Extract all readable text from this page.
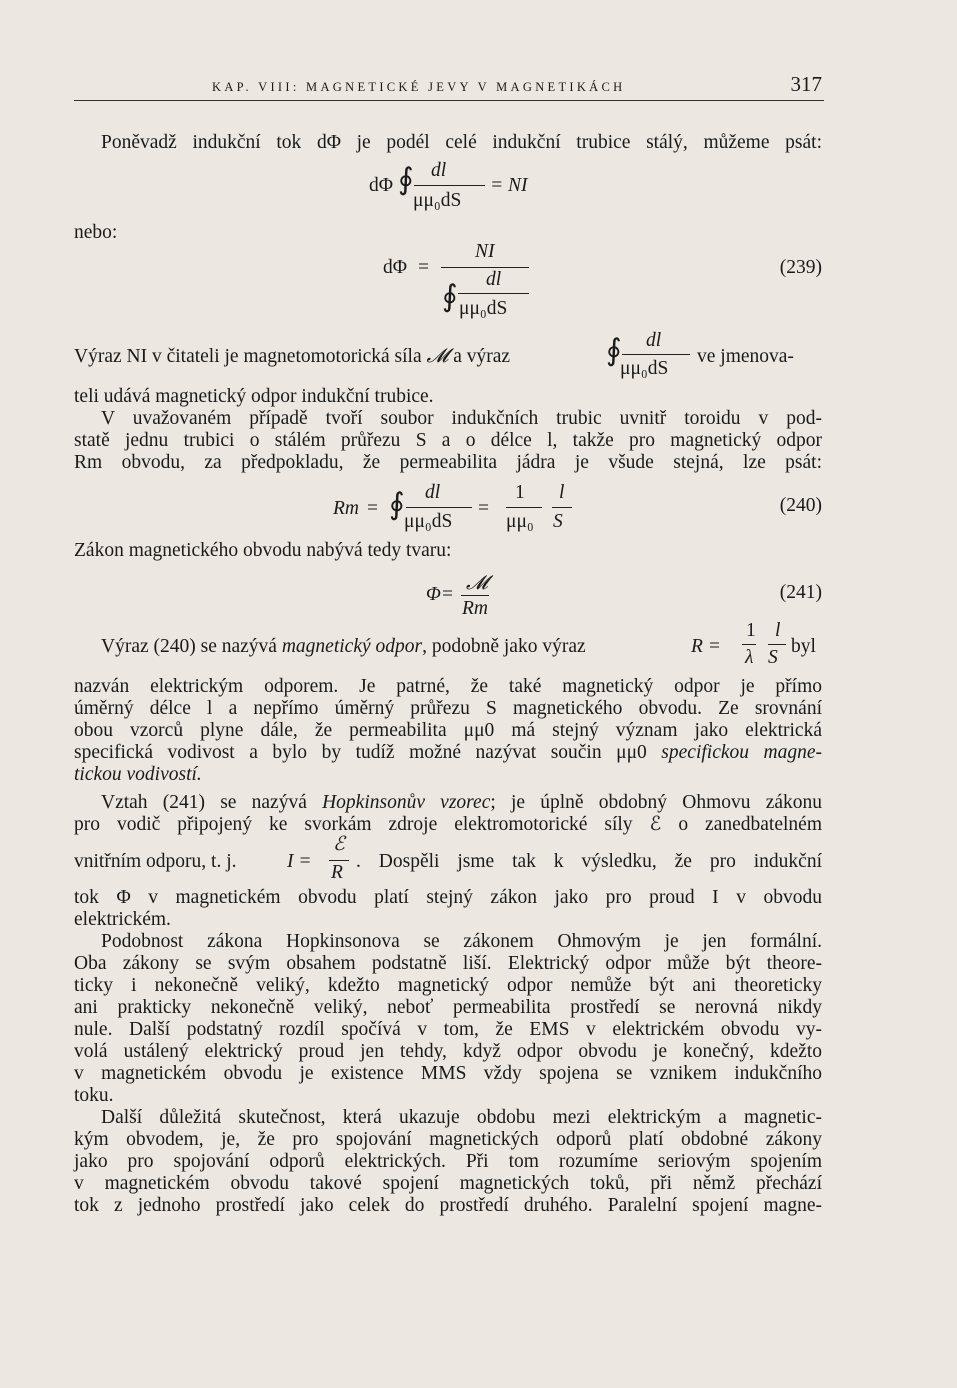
KAP. VIII: MAGNETICKÉ JEVY V MAGNETIKÁCH	317
Poněvadž indukční tok dΦ je podél celé indukční trubice stálý, můžeme psát:
dΦ ∮ dl
μμ₀dS
= NI
nebo:
dΦ =
NI
∮
dl
μμ₀dS
(239)
Výraz NI v čitateli je magnetomotorická síla 𝓜 a výraz	∮ dl
μμ₀dS
ve jmenova-
teli udává magnetický odpor indukční trubice.
V uvažovaném případě tvoří soubor indukčních trubic uvnitř toroidu v pod-
statě jednu trubici o stálém průřezu S a o délce l, takže pro magnetický odpor
Rm obvodu, za předpokladu, že permeabilita jádra je všude stejná, lze psát:
Rm = ∮ dl
μμ₀dS
=
1
μμ₀
l
S
(240)
Zákon magnetického obvodu nabývá tedy tvaru:
Φ =
𝓜
Rm
(241)
Výraz (240) se nazývá magnetický odpor, podobně jako výraz	R =
1
λ
l
S
byl
nazván elektrickým odporem. Je patrné, že také magnetický odpor je přímo
úměrný délce l a nepřímo úměrný průřezu S magnetického obvodu. Ze srovnání
obou vzorců plyne dále, že permeabilita μμ0 má stejný význam jako elektrická
specifická vodivost a bylo by tudíž možné nazývat součin μμ0 specifickou magne-
tickou vodivostí.
Vztah (241) se nazývá Hopkinsonův vzorec; je úplně obdobný Ohmovu zákonu
pro vodič připojený ke svorkám zdroje elektromotorické síly ℰ o zanedbatelném
vnitřním odporu, t. j.	I =
ℰ
R
. Dospěli jsme tak k výsledku, že pro indukční
tok Φ v magnetickém obvodu platí stejný zákon jako pro proud I v obvodu
elektrickém.
Podobnost zákona Hopkinsonova se zákonem Ohmovým je jen formální.
Oba zákony se svým obsahem podstatně liší. Elektrický odpor může být theore-
ticky i nekonečně veliký, kdežto magnetický odpor nemůže být ani theoreticky
ani prakticky nekonečně veliký, neboť permeabilita prostředí se nerovná nikdy
nule. Další podstatný rozdíl spočívá v tom, že EMS v elektrickém obvodu vy-
volá ustálený elektrický proud jen tehdy, když odpor obvodu je konečný, kdežto
v magnetickém obvodu je existence MMS vždy spojena se vznikem indukčního
toku.
Další důležitá skutečnost, která ukazuje obdobu mezi elektrickým a magnetic-
kým obvodem, je, že pro spojování magnetických odporů platí obdobné zákony
jako pro spojování odporů elektrických. Při tom rozumíme seriovým spojením
v magnetickém obvodu takové spojení magnetických toků, při němž přechází
tok z jednoho prostředí jako celek do prostředí druhého. Paralelní spojení magne-
